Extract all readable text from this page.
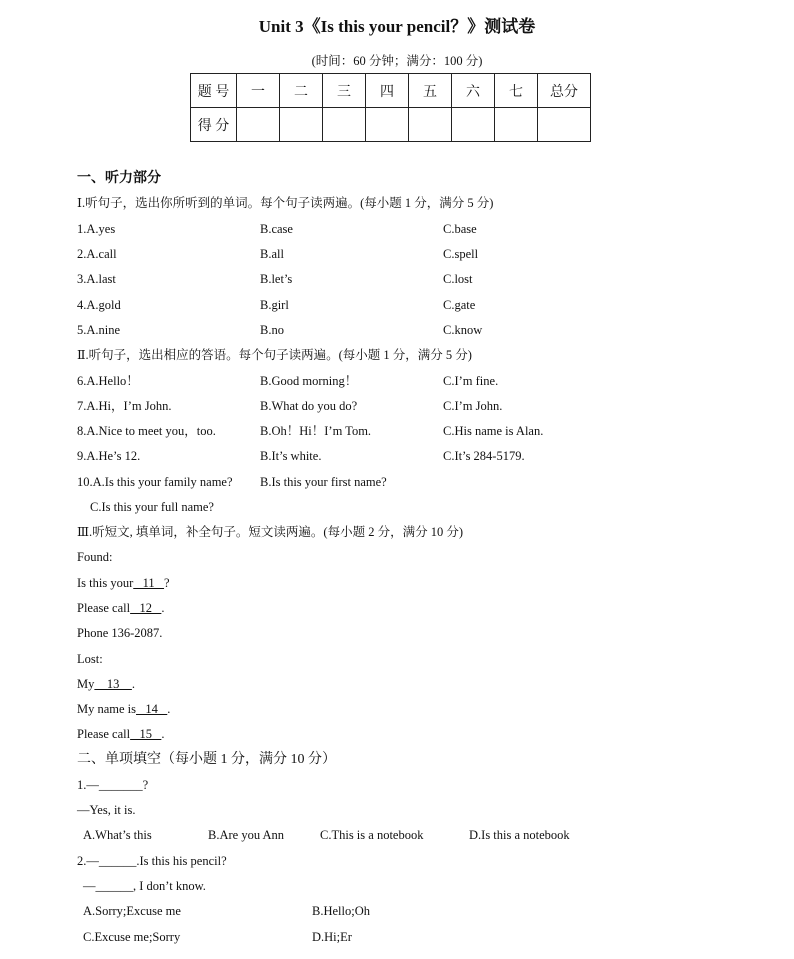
Unit 3《Is this your pencil？》测试卷
(时间：60 分钟；满分：100 分)
题 号	一	二	三	四	五	六	七	总分
得 分								
一、听力部分
Ⅰ.听句子，选出你所听到的单词。每个句子读两遍。(每小题 1 分，满分 5 分)
1.A.yes	B.case	C.base
2.A.call	B.all	C.spell
3.A.last	B.let’s	C.lost
4.A.gold	B.girl	C.gate
5.A.nine	B.no	C.know
Ⅱ.听句子，选出相应的答语。每个句子读两遍。(每小题 1 分，满分 5 分)
6.A.Hello！	B.Good morning！	C.I’m fine.
7.A.Hi，I’m John.	B.What do you do?	C.I’m John.
8.A.Nice to meet you，too.	B.Oh！Hi！I’m Tom.	C.His name is Alan.
9.A.He’s 12.	B.It’s white.	C.It’s 284-5179.
10.A.Is this your family name? B.Is this your first name?
C.Is this your full name?
Ⅲ.听短文, 填单词，补全句子。短文读两遍。(每小题 2 分，满分 10 分)
Found:
Is this your   11   ?
Please call   12   .
Phone 136-2087.
Lost:
My    13    .
My name is   14   .
Please call   15   .
二、单项填空（每小题 1 分，满分 10 分）
1.—_______?
—Yes, it is.
A.What’s this	B.Are you Ann	C.This is a notebook	D.Is this a notebook
2.—______.Is this his pencil?
—______, I don’t know.
A.Sorry;Excuse me	B.Hello;Oh
C.Excuse me;Sorry	D.Hi;Er
